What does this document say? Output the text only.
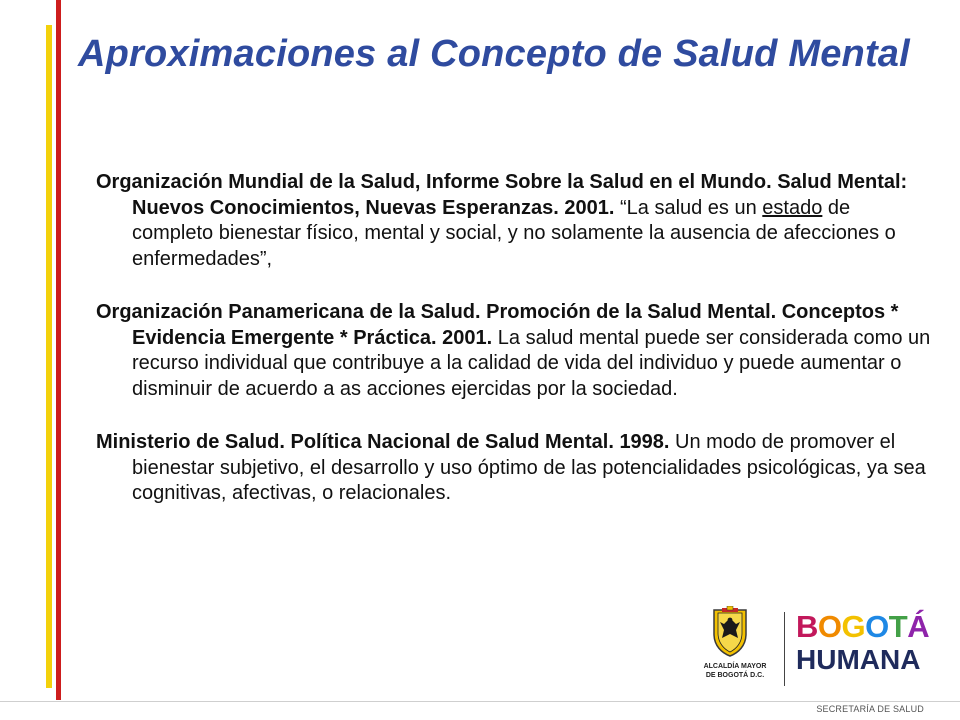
Aproximaciones al Concepto de Salud Mental

Organización Mundial de la Salud, Informe Sobre la Salud en el Mundo. Salud Mental: Nuevos Conocimientos, Nuevas Esperanzas. 2001. “La salud es un estado de completo bienestar físico, mental y social, y no solamente la ausencia de afecciones o enfermedades”,

Organización Panamericana de la Salud. Promoción de la Salud Mental. Conceptos * Evidencia Emergente * Práctica. 2001. La salud mental puede ser considerada como un recurso individual que contribuye a la calidad de vida del individuo y puede aumentar o disminuir de acuerdo a as acciones ejercidas por la sociedad.

Ministerio de Salud. Política Nacional de Salud Mental. 1998. Un modo de promover el bienestar subjetivo, el desarrollo y uso óptimo de las potencialidades psicológicas, ya sea cognitivas, afectivas, o relacionales.

ALCALDÍA MAYOR
DE BOGOTÁ D.C.
BOGOTÁ
HUMANA
SECRETARÍA DE SALUD
